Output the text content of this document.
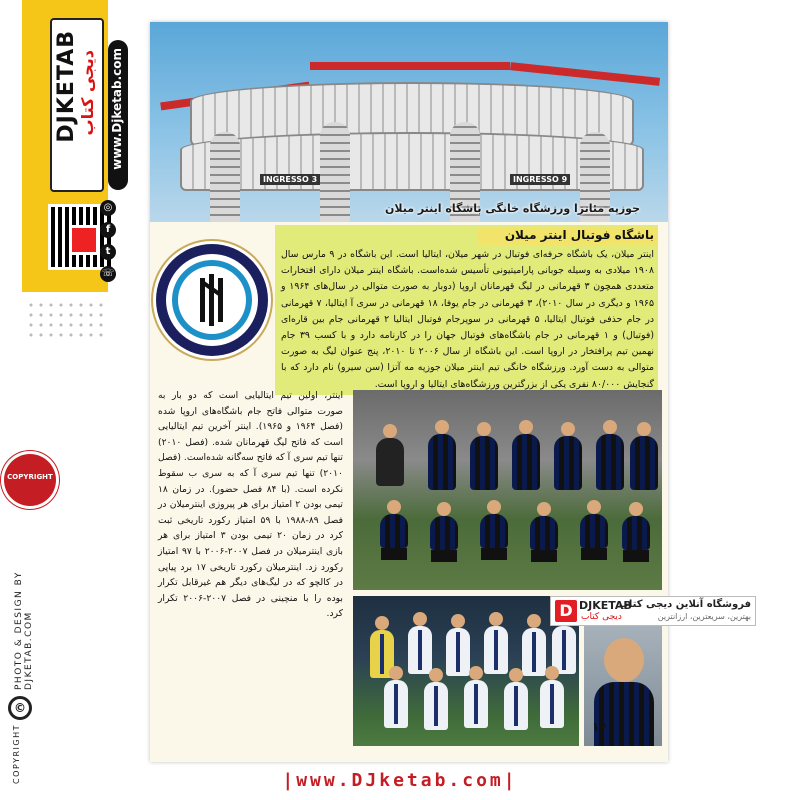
DJKETAB دیجی کتاب www.Djketab.com
◎
f
t
☏
COPYRIGHT
PHOTO & DESIGN BY DJKETAB.COM
©
COPYRIGHT
INGRESSO 3	INGRESSO 9
جوزپه مئاتزا ورزشگاه خانگی باشگاه اینتر میلان
باشگاه فوتبال اینتر میلان
اینتر میلان، یک باشگاه حرفه‌ای فوتبال در شهر میلان، ایتالیا است. این باشگاه در ۹ مارس سال ۱۹۰۸ میلادی به وسیله جوبانی پارامیتیونی تأسیس شده‌است. باشگاه اینتر میلان دارای افتخارات متعددی همچون ۳ قهرمانی در لیگ قهرمانان اروپا (دوبار به صورت متوالی در سال‌های ۱۹۶۴ و ۱۹۶۵ و دیگری در سال ۲۰۱۰)، ۳ قهرمانی در جام یوفا، ۱۸ قهرمانی در سری آ ایتالیا، ۷ قهرمانی در جام حذفی فوتبال ایتالیا، ۵ قهرمانی در سوپرجام فوتبال ایتالیا ۲ قهرمانی جام بین قاره‌ای (فوتبال) و ۱ قهرمانی در جام باشگاه‌های فوتبال جهان را در کارنامه دارد و با کسب ۳۹ جام نهمین تیم پرافتخار در اروپا است. این باشگاه از سال ۲۰۰۶ تا ۲۰۱۰، پنج عنوان لیگ به صورت متوالی به دست آورد. ورزشگاه خانگی تیم اینتر میلان جوزپه مه آتزا (سن سیرو) نام دارد که با گنجایش ۸۰/۰۰۰ نفری یکی از بزرگترین ورزشگاه‌های ایتالیا و اروپا است.
اینتر، اولین تیم ایتالیایی است که دو بار به صورت متوالی فاتح جام باشگاه‌های اروپا شده (فصل ۱۹۶۴ و ۱۹۶۵). اینتر آخرین تیم ایتالیایی است که فاتح لیگ قهرمانان شده. (فصل ۲۰۱۰) تنها تیم سری آ که فاتح سه‌گانه شده‌است. (فصل ۲۰۱۰) تنها تیم سری آ که به سری ب سقوط نکرده است. (با ۸۴ فصل حضور). در زمان ۱۸ تیمی بودن ۲ امتیاز برای هر پیروزی اینترمیلان در فصل ۸۹-۱۹۸۸ با ۵۹ امتیاز رکورد تاریخی ثبت کرد در زمان ۲۰ تیمی بودن ۳ امتیاز برای هر بازی اینترمیلان در فصل ۲۰۰۷-۲۰۰۶ با ۹۷ امتیاز رکورد زد. اینترمیلان رکورد تاریخی ۱۷ برد پیاپی در کالچو که در لیگ‌های دیگر هم غیرقابل تکرار بوده را با منچینی در فصل ۲۰۰۷-۲۰۰۶ تکرار کرد.
۱۴
D DJKETAB
دیجی کتاب
فروشگاه آنلاین دیجی کتاب
بهترین، سریعترین، ارزانترین
|www.DJketab.com|
